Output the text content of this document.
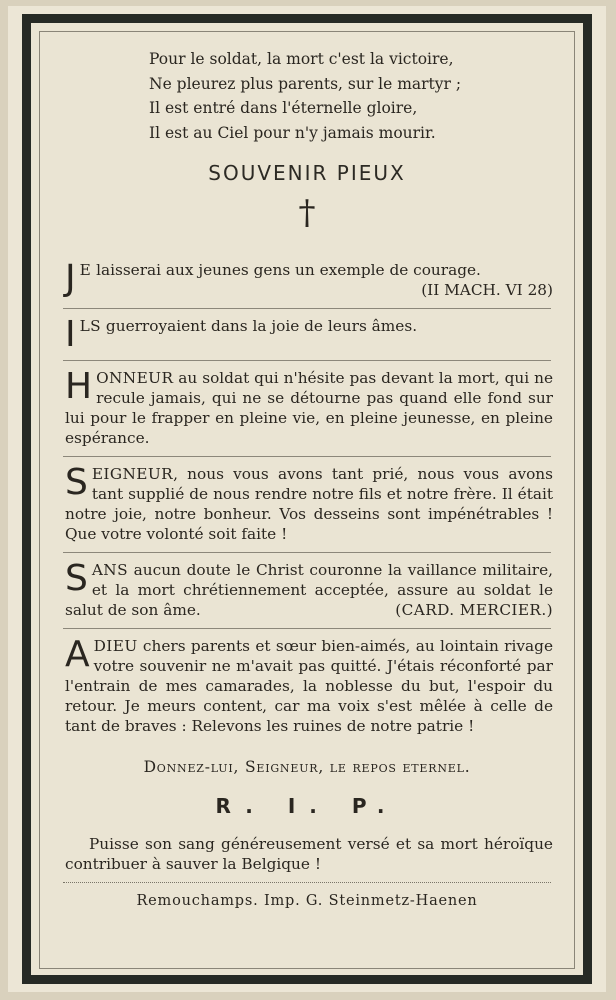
Pour le soldat, la mort c'est la victoire,
Ne pleurez plus parents, sur le martyr ;
Il est entré dans l'éternelle gloire,
Il est au Ciel pour n'y jamais mourir.
SOUVENIR PIEUX
†
J E laisserai aux jeunes gens un exemple de courage.
(II MACH. VI 28)
ILS guerroyaient dans la joie de leurs âmes.
HONNEUR au soldat qui n'hésite pas devant la mort, qui ne recule jamais, qui ne se détourne pas quand elle fond sur lui pour le frapper en pleine vie, en pleine jeunesse, en pleine espérance.
SEIGNEUR, nous vous avons tant prié, nous vous avons tant supplié de nous rendre notre fils et notre frère. Il était notre joie, notre bonheur. Vos desseins sont impénétrables ! Que votre volonté soit faite !
SANS aucun doute le Christ couronne la vaillance militaire, et la mort chrétiennement acceptée, assure au soldat le salut de son âme.	(CARD. MERCIER.)
ADIEU chers parents et sœur bien-aimés, au lointain rivage votre souvenir ne m'avait pas quitté. J'étais réconforté par l'entrain de mes camarades, la noblesse du but, l'espoir du retour. Je meurs content, car ma voix s'est mêlée à celle de tant de braves : Relevons les ruines de notre patrie !
Donnez-lui, Seigneur, le repos eternel.
R. I. P.
Puisse son sang généreusement versé et sa mort héroïque contribuer à sauver la Belgique !
Remouchamps. Imp. G. Steinmetz-Haenen
